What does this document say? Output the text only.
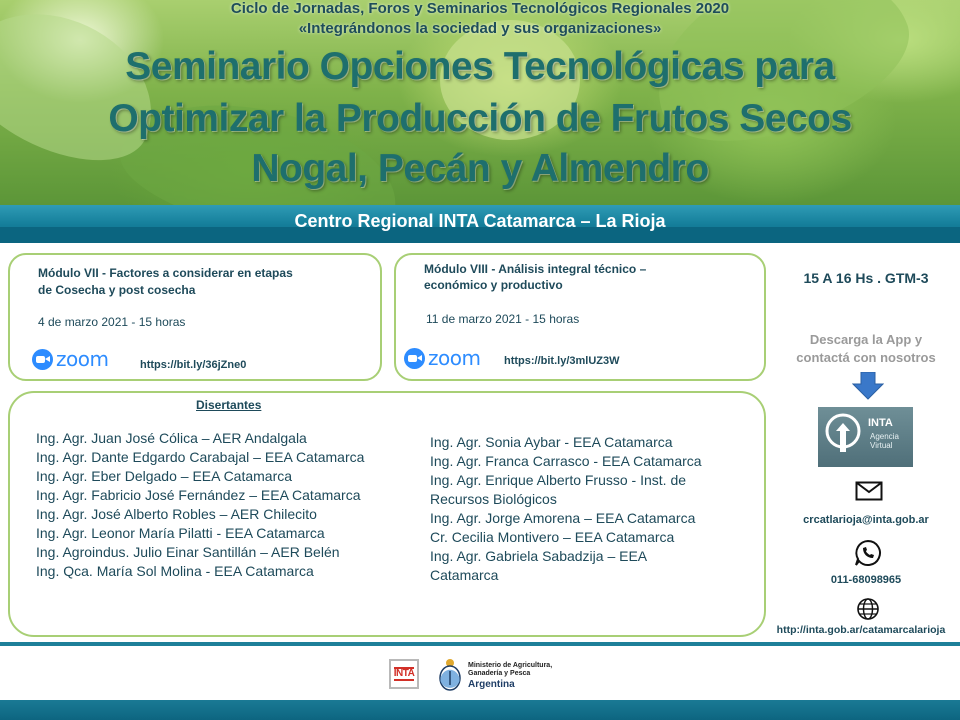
Ciclo de Jornadas, Foros y Seminarios Tecnológicos Regionales 2020
«Integrándonos la sociedad y sus organizaciones»
Seminario Opciones Tecnológicas para
Optimizar la Producción de Frutos Secos
Nogal, Pecán y Almendro
Centro Regional INTA Catamarca – La Rioja
Módulo VII - Factores a considerar en etapas
de Cosecha y post cosecha
4 de marzo 2021 - 15 horas
zoom	https://bit.ly/36jZne0
Módulo VIII - Análisis integral técnico –
económico y productivo
11 de marzo 2021 - 15 horas
zoom https://bit.ly/3mlUZ3W
Disertantes
Ing. Agr. Juan José Cólica – AER Andalgala
Ing. Agr. Dante Edgardo Carabajal – EEA Catamarca
Ing. Agr. Eber Delgado – EEA Catamarca
Ing. Agr. Fabricio José Fernández – EEA Catamarca
Ing. Agr. José Alberto Robles – AER Chilecito
Ing. Agr. Leonor María Pilatti - EEA Catamarca
Ing. Agroindus. Julio Einar Santillán – AER Belén
Ing. Qca. María Sol Molina - EEA Catamarca
Ing. Agr. Sonia Aybar - EEA Catamarca
Ing. Agr. Franca Carrasco - EEA Catamarca
Ing. Agr. Enrique Alberto Frusso - Inst. de
Recursos Biológicos
Ing. Agr. Jorge Amorena – EEA Catamarca
Cr. Cecilia Montivero – EEA Catamarca
Ing. Agr. Gabriela Sabadzija – EEA
Catamarca
15 A 16 Hs . GTM-3
Descarga la App y
contactá con nosotros
INTA
Agencia
Virtual
crcatlarioja@inta.gob.ar
011-68098965
http://inta.gob.ar/catamarcalarioja
INTA
Ministerio de Agricultura,
Ganadería y Pesca
Argentina
